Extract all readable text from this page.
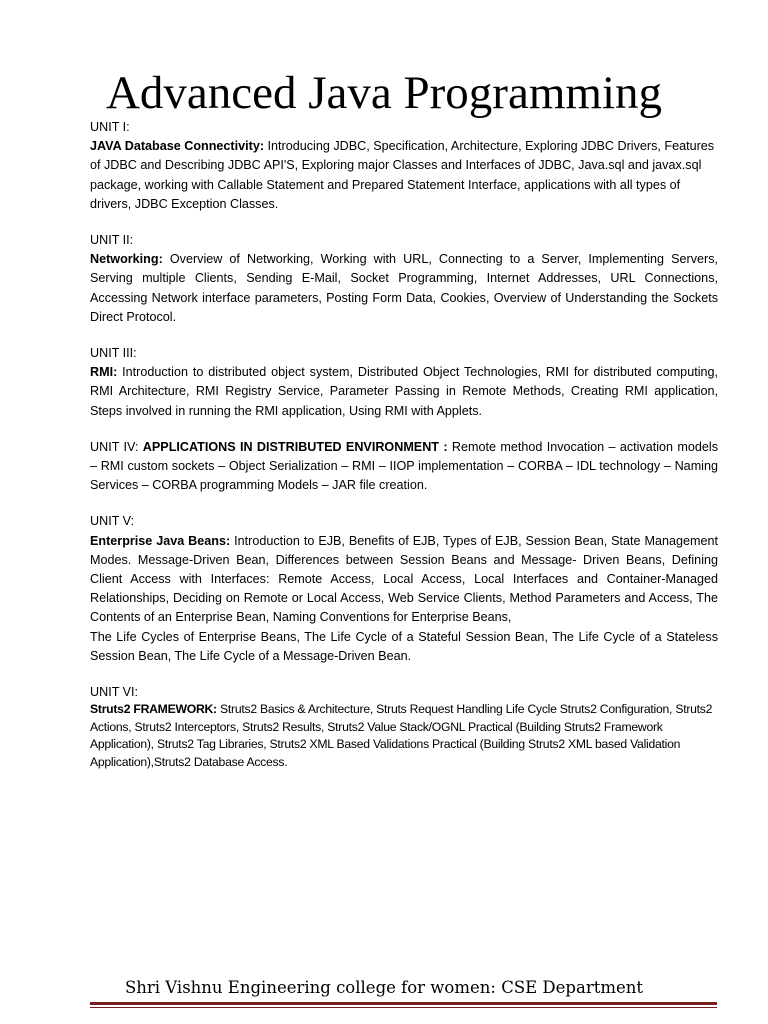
Advanced Java Programming
UNIT I:
JAVA Database Connectivity: Introducing JDBC, Specification, Architecture, Exploring JDBC Drivers, Features of JDBC and Describing JDBC API'S, Exploring major Classes and Interfaces of JDBC, Java.sql and javax.sql package, working with Callable Statement and Prepared Statement Interface, applications with all types of drivers, JDBC Exception Classes.
UNIT II:
Networking: Overview of Networking, Working with URL, Connecting to a Server, Implementing Servers, Serving multiple Clients, Sending E-Mail, Socket Programming, Internet Addresses, URL Connections, Accessing Network interface parameters, Posting Form Data, Cookies, Overview of Understanding the Sockets Direct Protocol.
UNIT III:
RMI: Introduction to distributed object system, Distributed Object Technologies, RMI for distributed computing, RMI Architecture, RMI Registry Service, Parameter Passing in Remote Methods, Creating RMI application, Steps involved in running the RMI application, Using RMI with Applets.
UNIT IV: APPLICATIONS IN DISTRIBUTED ENVIRONMENT : Remote method Invocation – activation models – RMI custom sockets – Object Serialization – RMI – IIOP implementation – CORBA – IDL technology – Naming Services – CORBA programming Models – JAR file creation.
UNIT V:
Enterprise Java Beans: Introduction to EJB, Benefits of EJB, Types of EJB, Session Bean, State Management Modes. Message-Driven Bean, Differences between Session Beans and Message- Driven Beans, Defining Client Access with Interfaces: Remote Access, Local Access, Local Interfaces and Container-Managed Relationships, Deciding on Remote or Local Access, Web Service Clients, Method Parameters and Access, The Contents of an Enterprise Bean, Naming Conventions for Enterprise Beans,
The Life Cycles of Enterprise Beans, The Life Cycle of a Stateful Session Bean, The Life Cycle of a Stateless Session Bean, The Life Cycle of a Message-Driven Bean.
UNIT VI:
Struts2 FRAMEWORK: Struts2 Basics & Architecture, Struts Request Handling Life Cycle Struts2 Configuration, Struts2 Actions, Struts2 Interceptors, Struts2 Results, Struts2 Value Stack/OGNL Practical (Building Struts2 Framework Application), Struts2 Tag Libraries, Struts2 XML Based Validations Practical (Building Struts2 XML based Validation Application),Struts2 Database Access.
Shri Vishnu Engineering college for women: CSE Department
